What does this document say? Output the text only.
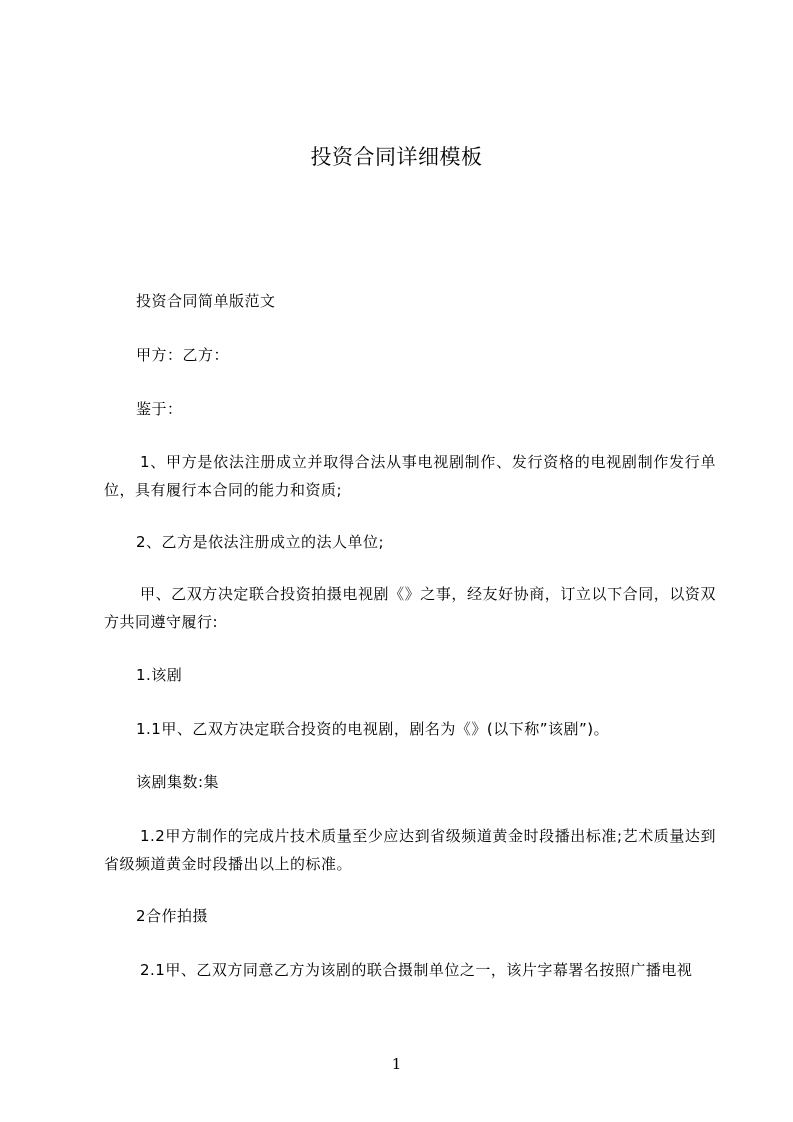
投资合同详细模板
投资合同简单版范文
甲方：乙方：
鉴于：
1、甲方是依法注册成立并取得合法从事电视剧制作、发行资格的电视剧制作发行单位，具有履行本合同的能力和资质;
2、乙方是依法注册成立的法人单位;
甲、乙双方决定联合投资拍摄电视剧《》之事，经友好协商，订立以下合同，以资双方共同遵守履行:
1.该剧
1.1甲、乙双方决定联合投资的电视剧，剧名为《》(以下称”该剧”)。
该剧集数:集
1.2甲方制作的完成片技术质量至少应达到省级频道黄金时段播出标准;艺术质量达到省级频道黄金时段播出以上的标准。
2合作拍摄
2.1甲、乙双方同意乙方为该剧的联合摄制单位之一，该片字幕署名按照广播电视
1
